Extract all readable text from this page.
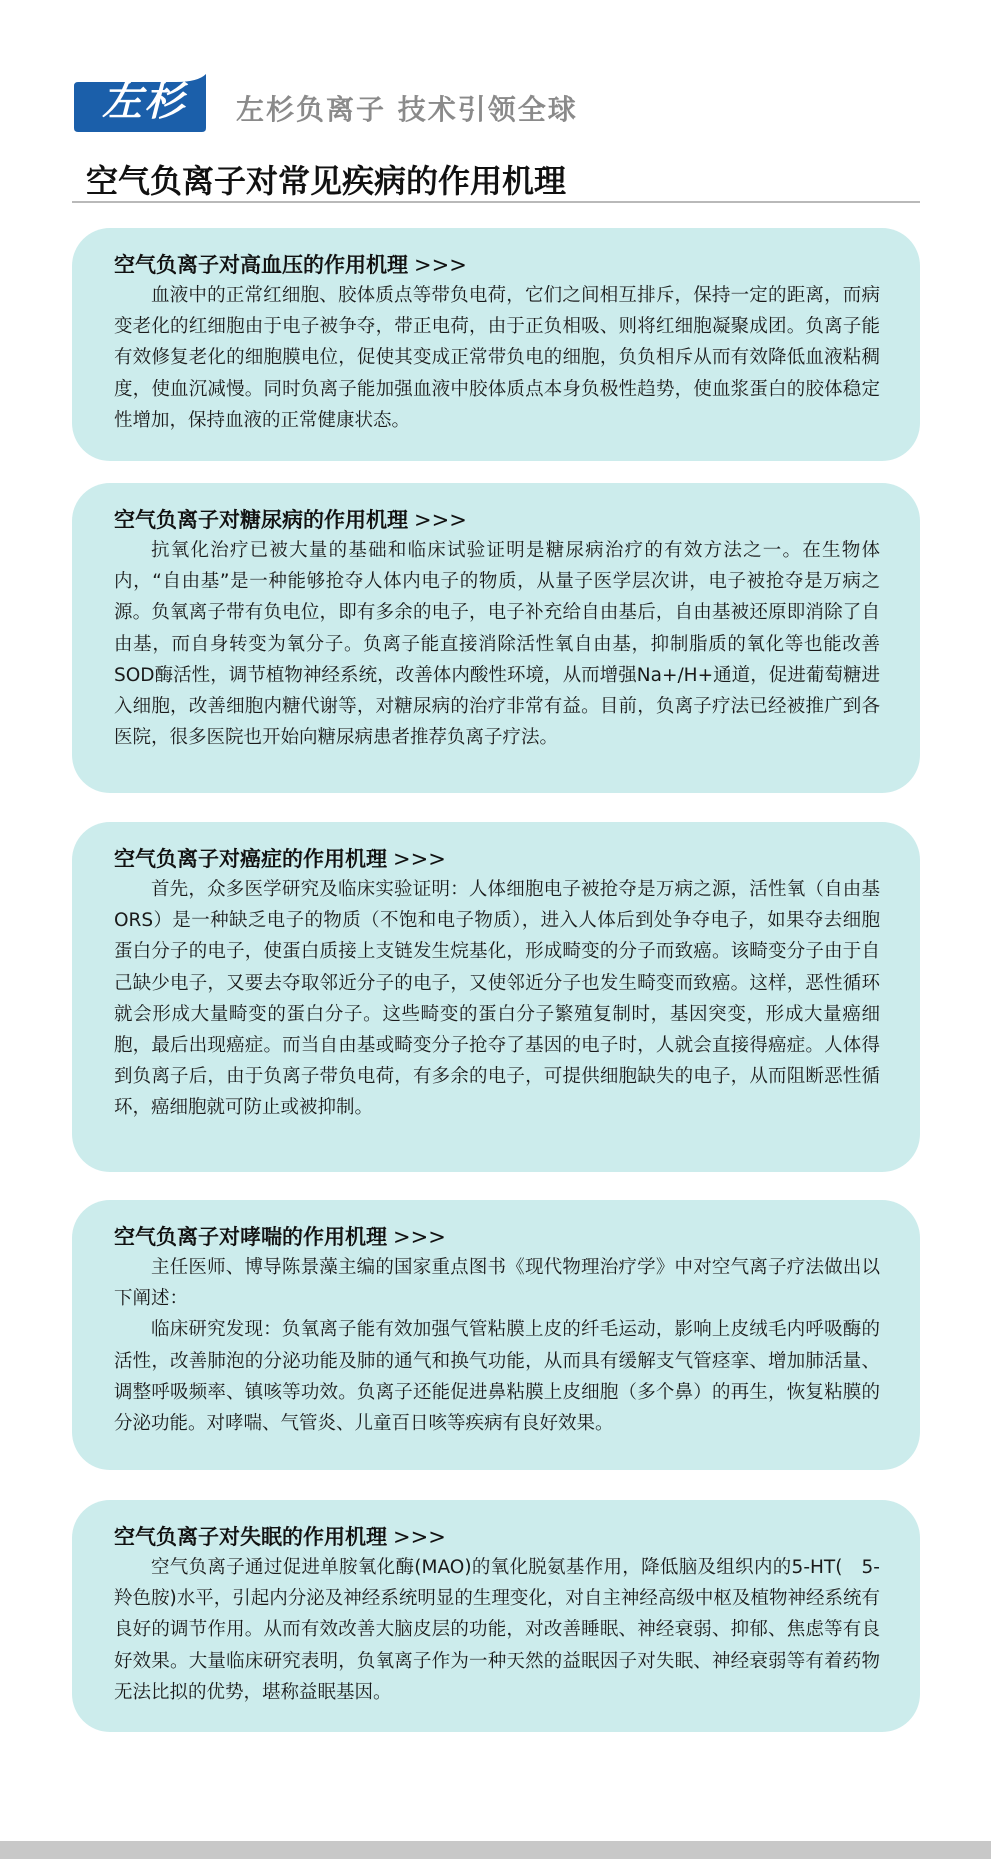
左杉	左杉负离子 技术引领全球
空气负离子对常见疾病的作用机理
空气负离子对高血压的作用机理 >>>

血液中的正常红细胞、胶体质点等带负电荷，它们之间相互排斥，保持一定的距离，而病变老化的红细胞由于电子被争夺，带正电荷，由于正负相吸、则将红细胞凝聚成团。负离子能有效修复老化的细胞膜电位，促使其变成正常带负电的细胞，负负相斥从而有效降低血液粘稠度，使血沉减慢。同时负离子能加强血液中胶体质点本身负极性趋势，使血浆蛋白的胶体稳定性增加，保持血液的正常健康状态。

空气负离子对糖尿病的作用机理 >>>

抗氧化治疗已被大量的基础和临床试验证明是糖尿病治疗的有效方法之一。在生物体内，“自由基”是一种能够抢夺人体内电子的物质，从量子医学层次讲，电子被抢夺是万病之源。负氧离子带有负电位，即有多余的电子，电子补充给自由基后，自由基被还原即消除了自由基，而自身转变为氧分子。负离子能直接消除活性氧自由基，抑制脂质的氧化等也能改善SOD酶活性，调节植物神经系统，改善体内酸性环境，从而增强Na+/H+通道，促进葡萄糖进入细胞，改善细胞内糖代谢等，对糖尿病的治疗非常有益。目前，负离子疗法已经被推广到各医院，很多医院也开始向糖尿病患者推荐负离子疗法。

空气负离子对癌症的作用机理 >>>

首先，众多医学研究及临床实验证明：人体细胞电子被抢夺是万病之源，活性氧（自由基ORS）是一种缺乏电子的物质（不饱和电子物质），进入人体后到处争夺电子，如果夺去细胞蛋白分子的电子，使蛋白质接上支链发生烷基化，形成畸变的分子而致癌。该畸变分子由于自己缺少电子，又要去夺取邻近分子的电子，又使邻近分子也发生畸变而致癌。这样，恶性循环就会形成大量畸变的蛋白分子。这些畸变的蛋白分子繁殖复制时，基因突变，形成大量癌细胞，最后出现癌症。而当自由基或畸变分子抢夺了基因的电子时，人就会直接得癌症。人体得到负离子后，由于负离子带负电荷，有多余的电子，可提供细胞缺失的电子，从而阻断恶性循环，癌细胞就可防止或被抑制。

空气负离子对哮喘的作用机理 >>>

主任医师、博导陈景藻主编的国家重点图书《现代物理治疗学》中对空气离子疗法做出以下阐述：

临床研究发现：负氧离子能有效加强气管粘膜上皮的纤毛运动，影响上皮绒毛内呼吸酶的活性，改善肺泡的分泌功能及肺的通气和换气功能，从而具有缓解支气管痉挛、增加肺活量、调整呼吸频率、镇咳等功效。负离子还能促进鼻粘膜上皮细胞（多个鼻）的再生，恢复粘膜的分泌功能。对哮喘、气管炎、儿童百日咳等疾病有良好效果。

空气负离子对失眠的作用机理 >>>

空气负离子通过促进单胺氧化酶(MAO)的氧化脱氨基作用，降低脑及组织内的5-HT(　5-羚色胺)水平，引起内分泌及神经系统明显的生理变化，对自主神经高级中枢及植物神经系统有良好的调节作用。从而有效改善大脑皮层的功能，对改善睡眠、神经衰弱、抑郁、焦虑等有良好效果。大量临床研究表明，负氧离子作为一种天然的益眠因子对失眠、神经衰弱等有着药物无法比拟的优势，堪称益眠基因。
